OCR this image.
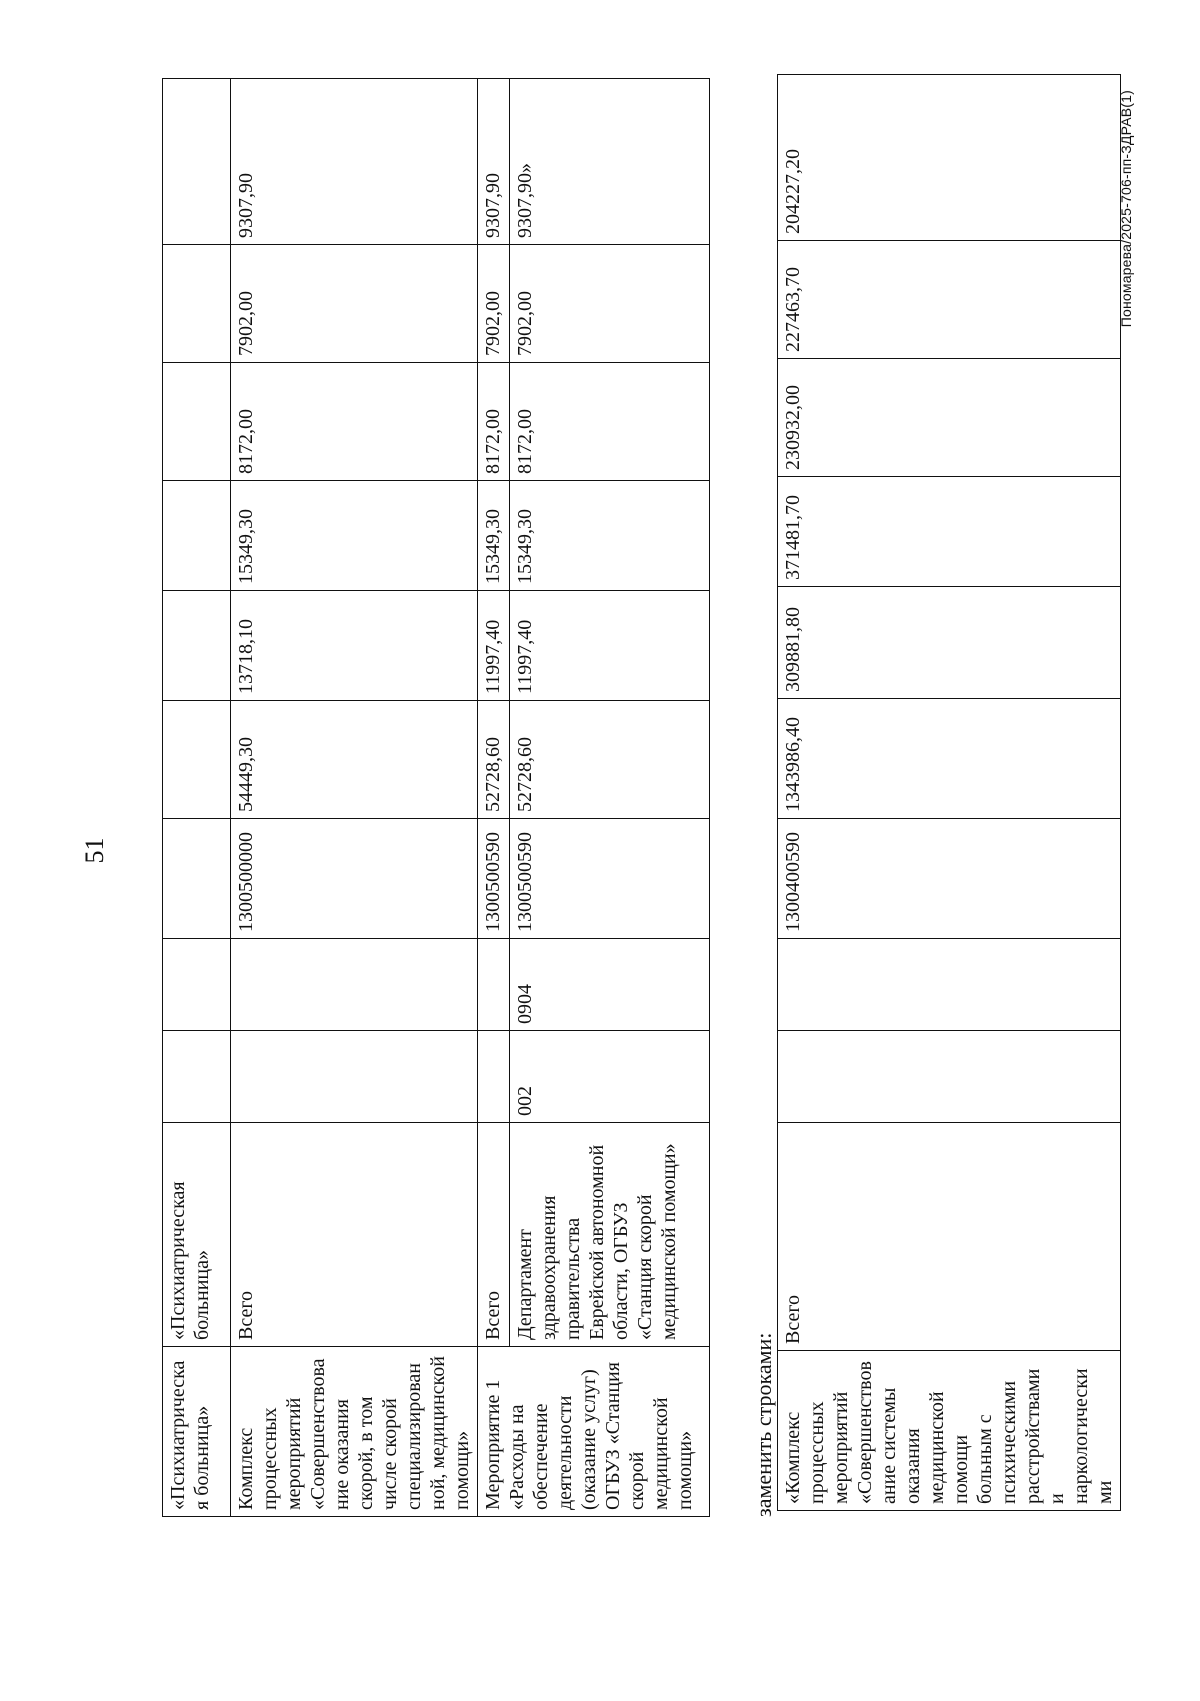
51
«Психиатрическая больница»	«Психиатрическая больница»									
Комплекс процессных мероприятий «Совершенствование оказания скорой, в том числе скорой специализированной, медицинской помощи»	Всего			1300500000	54449,30	13718,10	15349,30	8172,00	7902,00	9307,90
Мероприятие 1 «Расходы на обеспечение деятельности (оказание услуг) ОГБУЗ «Станция скорой медицинской помощи»	Всего			1300500590	52728,60	11997,40	15349,30	8172,00	7902,00	9307,90
	Департамент здравоохранения правительства Еврейской автономной области, ОГБУЗ «Станция скорой медицинской помощи»	002	0904	1300500590	52728,60	11997,40	15349,30	8172,00	7902,00	9307,90»
заменить строками: «Комплекс процессных мероприятий «Совершенствование системы оказания медицинской помощи больным с психическими расстройствами и наркологическими	Всего			1300400590	1343986,40	309881,80	371481,70	230932,00	227463,70	204227,20	Пономарева/2025-706-пп-ЗДРАВ(1)
